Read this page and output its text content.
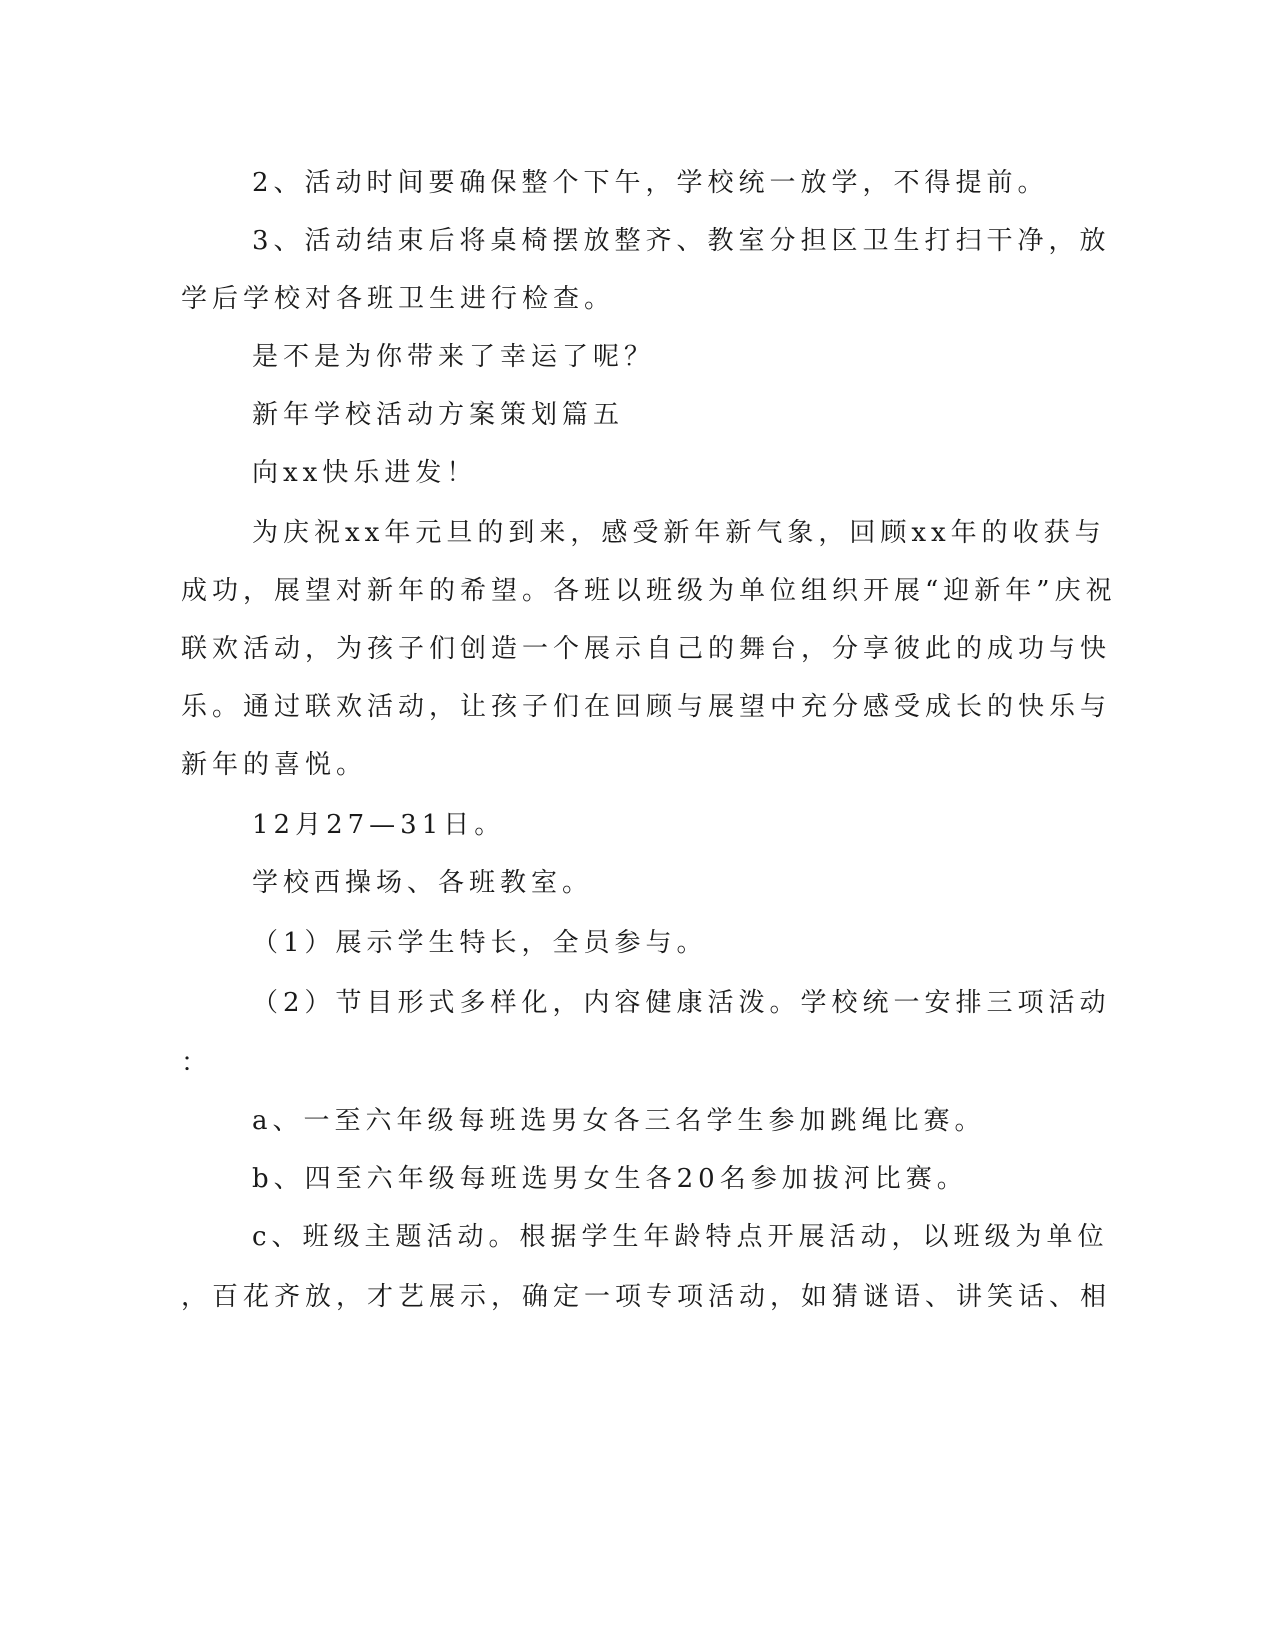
2、活动时间要确保整个下午，学校统一放学，不得提前。
3、活动结束后将桌椅摆放整齐、教室分担区卫生打扫干净，放
学后学校对各班卫生进行检查。
是不是为你带来了幸运了呢？
新年学校活动方案策划篇五
向xx快乐进发！
为庆祝xx年元旦的到来，感受新年新气象，回顾xx年的收获与
成功，展望对新年的希望。各班以班级为单位组织开展“迎新年”庆祝
联欢活动，为孩子们创造一个展示自己的舞台，分享彼此的成功与快
乐。通过联欢活动，让孩子们在回顾与展望中充分感受成长的快乐与
新年的喜悦。
12月27—31日。
学校西操场、各班教室。
（1）展示学生特长，全员参与。
（2）节目形式多样化，内容健康活泼。学校统一安排三项活动
：
a、一至六年级每班选男女各三名学生参加跳绳比赛。
b、四至六年级每班选男女生各20名参加拔河比赛。
c、班级主题活动。根据学生年龄特点开展活动，以班级为单位
，百花齐放，才艺展示，确定一项专项活动，如猜谜语、讲笑话、相
